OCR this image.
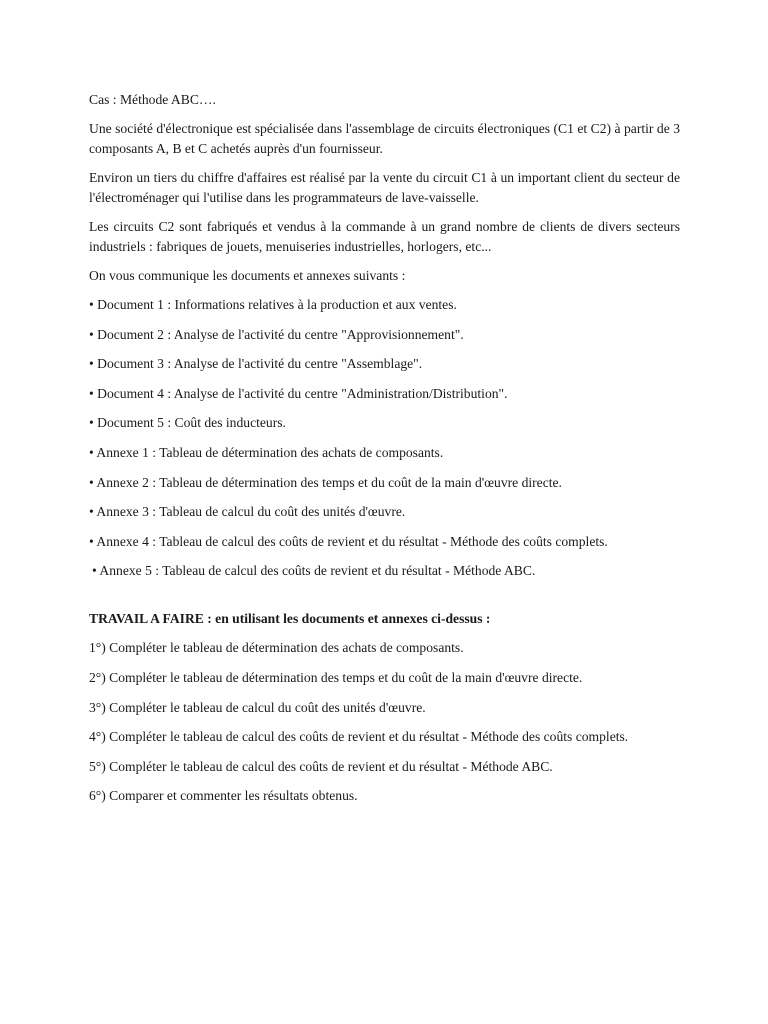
Cas : Méthode ABC….

Une société d'électronique est spécialisée dans l'assemblage de circuits électroniques (C1 et C2) à partir de 3 composants A, B et C achetés auprès d'un fournisseur.

Environ un tiers du chiffre d'affaires est réalisé par la vente du circuit C1 à un important client du secteur de l'électroménager qui l'utilise dans les programmateurs de lave-vaisselle.

Les circuits C2 sont fabriqués et vendus à la commande à un grand nombre de clients de divers secteurs industriels : fabriques de jouets, menuiseries industrielles, horlogers, etc...

On vous communique les documents et annexes suivants :

• Document 1 : Informations relatives à la production et aux ventes.

• Document 2 : Analyse de l'activité du centre "Approvisionnement".

• Document 3 : Analyse de l'activité du centre "Assemblage".

• Document 4 : Analyse de l'activité du centre "Administration/Distribution".

• Document 5 : Coût des inducteurs.

• Annexe 1 : Tableau de détermination des achats de composants.

• Annexe 2 : Tableau de détermination des temps et du coût de la main d'œuvre directe.

• Annexe 3 : Tableau de calcul du coût des unités d'œuvre.

• Annexe 4 : Tableau de calcul des coûts de revient et du résultat - Méthode des coûts complets.

• Annexe 5 : Tableau de calcul des coûts de revient et du résultat - Méthode ABC.

TRAVAIL A FAIRE : en utilisant les documents et annexes ci-dessus :

1°) Compléter le tableau de détermination des achats de composants.

2°) Compléter le tableau de détermination des temps et du coût de la main d'œuvre directe.

3°) Compléter le tableau de calcul du coût des unités d'œuvre.

4°) Compléter le tableau de calcul des coûts de revient et du résultat - Méthode des coûts complets.

5°) Compléter le tableau de calcul des coûts de revient et du résultat - Méthode ABC.

6°) Comparer et commenter les résultats obtenus.
